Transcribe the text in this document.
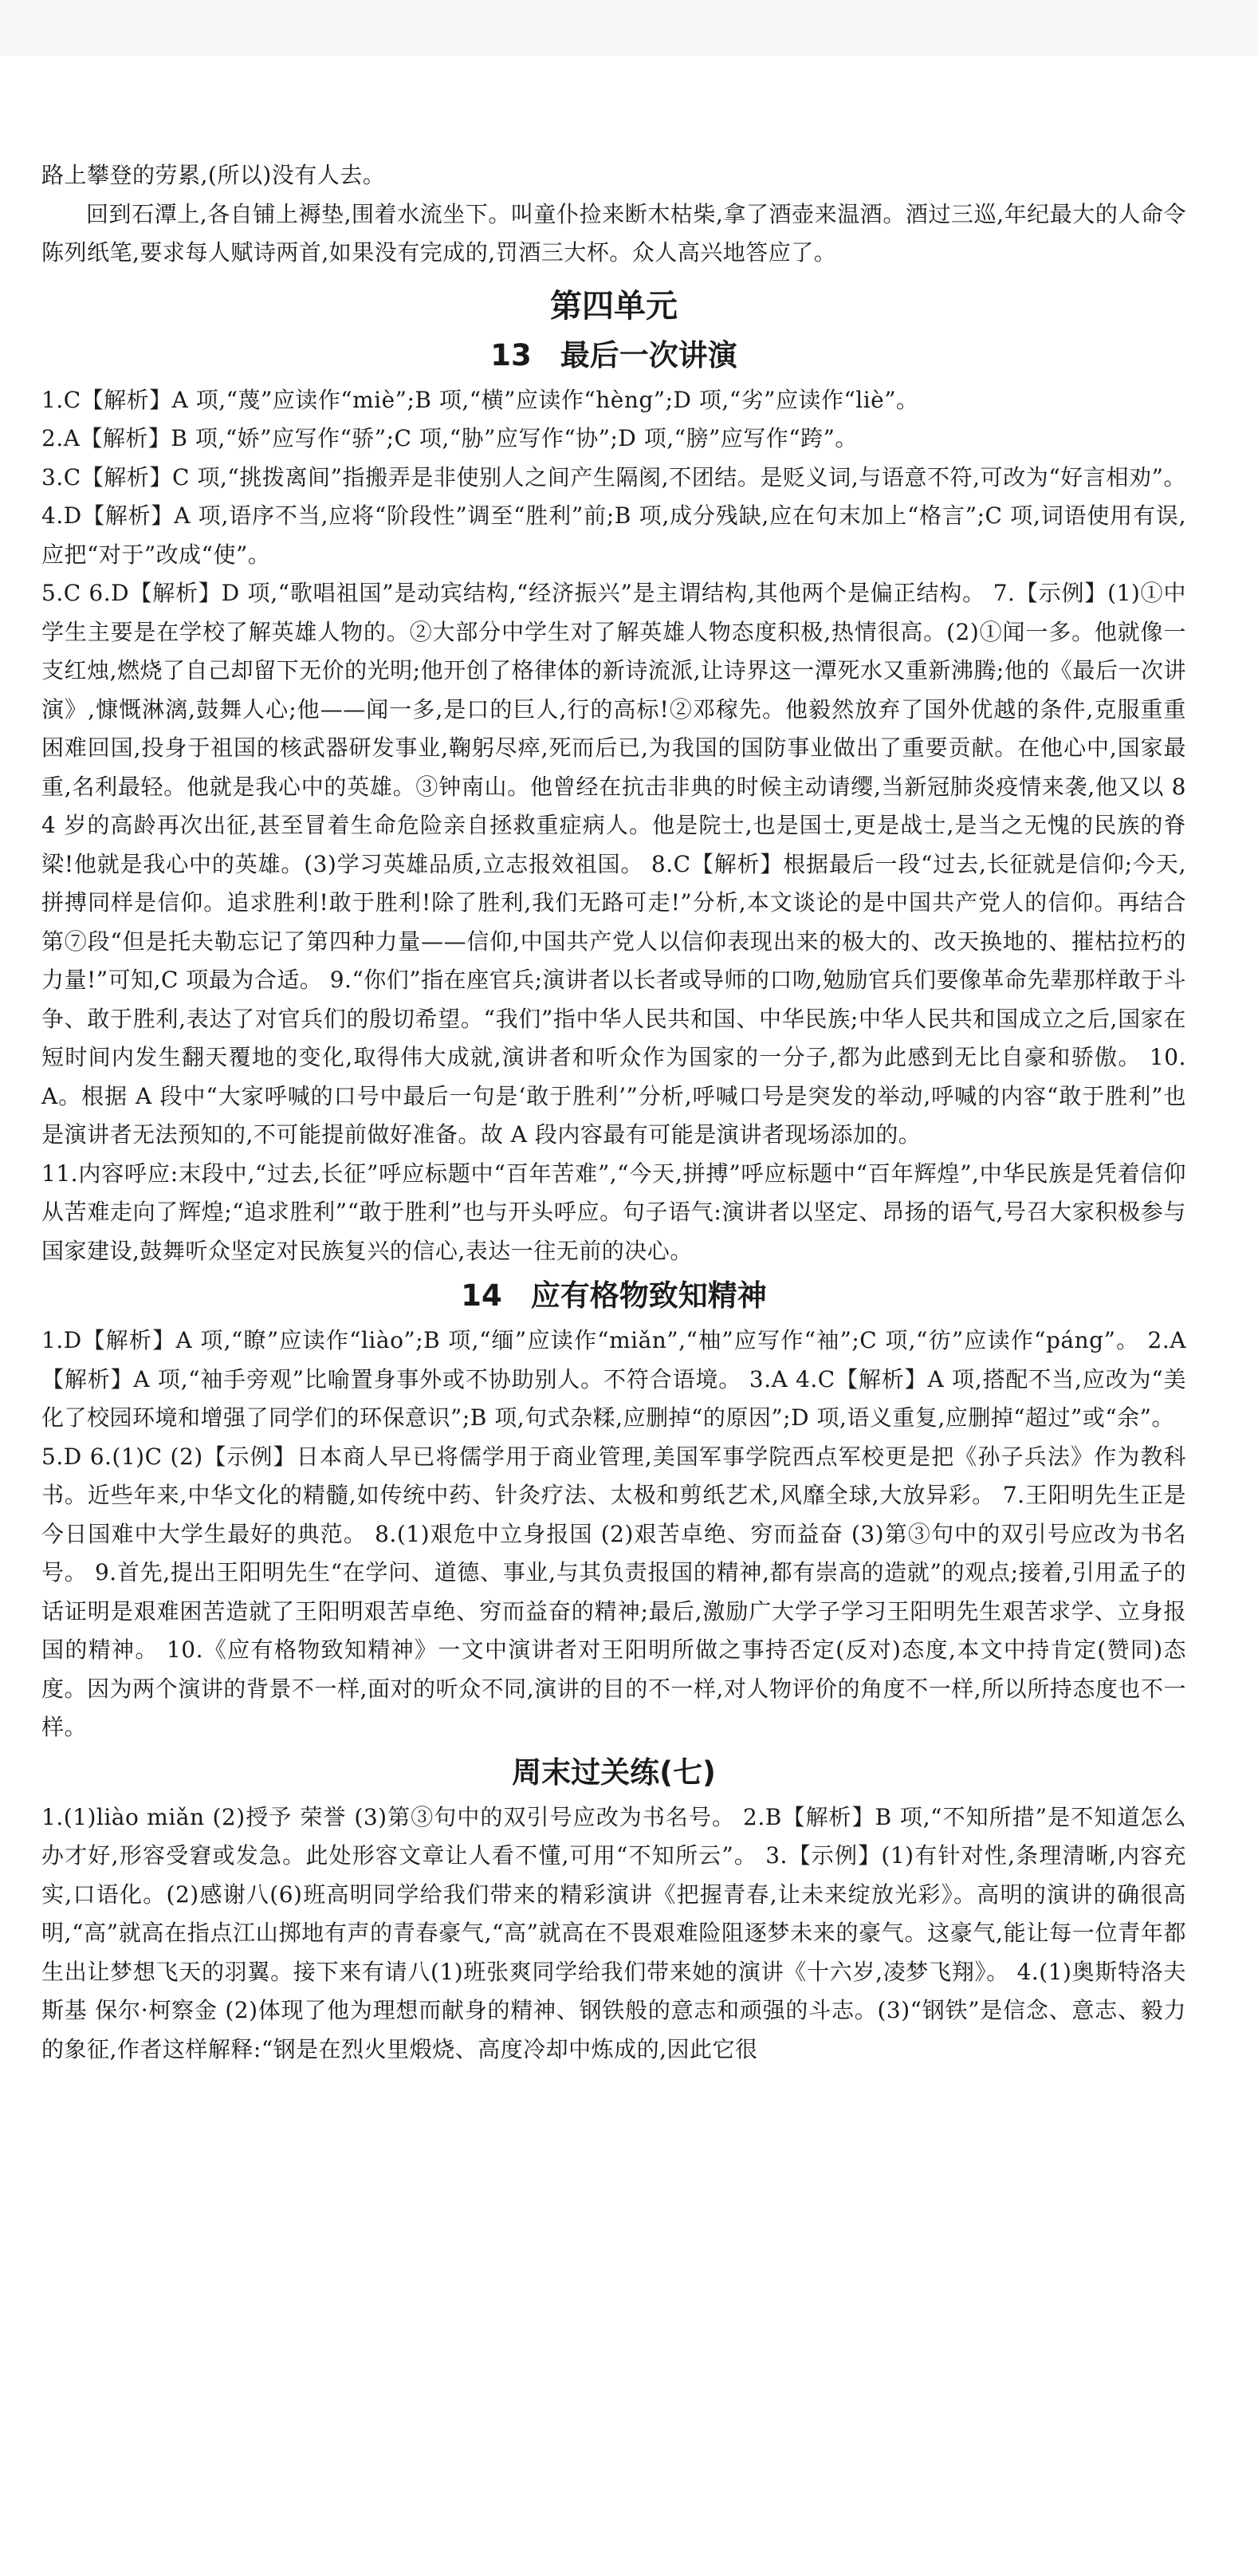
路上攀登的劳累,(所以)没有人去。

回到石潭上,各自铺上褥垫,围着水流坐下。叫童仆捡来断木枯柴,拿了酒壶来温酒。酒过三巡,年纪最大的人命令陈列纸笔,要求每人赋诗两首,如果没有完成的,罚酒三大杯。众人高兴地答应了。

第四单元
13 最后一次讲演

1.C【解析】A 项,“蔑”应读作“miè”;B 项,“横”应读作“hèng”;D 项,“劣”应读作“liè”。

2.A【解析】B 项,“娇”应写作“骄”;C 项,“胁”应写作“协”;D 项,“膀”应写作“跨”。

3.C【解析】C 项,“挑拨离间”指搬弄是非使别人之间产生隔阂,不团结。是贬义词,与语意不符,可改为“好言相劝”。 4.D【解析】A 项,语序不当,应将“阶段性”调至“胜利”前;B 项,成分残缺,应在句末加上“格言”;C 项,词语使用有误,应把“对于”改成“使”。

5.C 6.D【解析】D 项,“歌唱祖国”是动宾结构,“经济振兴”是主谓结构,其他两个是偏正结构。 7.【示例】(1)①中学生主要是在学校了解英雄人物的。②大部分中学生对了解英雄人物态度积极,热情很高。(2)①闻一多。他就像一支红烛,燃烧了自己却留下无价的光明;他开创了格律体的新诗流派,让诗界这一潭死水又重新沸腾;他的《最后一次讲演》,慷慨淋漓,鼓舞人心;他——闻一多,是口的巨人,行的高标!②邓稼先。他毅然放弃了国外优越的条件,克服重重困难回国,投身于祖国的核武器研发事业,鞠躬尽瘁,死而后已,为我国的国防事业做出了重要贡献。在他心中,国家最重,名利最轻。他就是我心中的英雄。③钟南山。他曾经在抗击非典的时候主动请缨,当新冠肺炎疫情来袭,他又以 84 岁的高龄再次出征,甚至冒着生命危险亲自拯救重症病人。他是院士,也是国士,更是战士,是当之无愧的民族的脊梁!他就是我心中的英雄。(3)学习英雄品质,立志报效祖国。 8.C【解析】根据最后一段“过去,长征就是信仰;今天,拼搏同样是信仰。追求胜利!敢于胜利!除了胜利,我们无路可走!”分析,本文谈论的是中国共产党人的信仰。再结合第⑦段“但是托夫勒忘记了第四种力量——信仰,中国共产党人以信仰表现出来的极大的、改天换地的、摧枯拉朽的力量!”可知,C 项最为合适。 9.“你们”指在座官兵;演讲者以长者或导师的口吻,勉励官兵们要像革命先辈那样敢于斗争、敢于胜利,表达了对官兵们的殷切希望。“我们”指中华人民共和国、中华民族;中华人民共和国成立之后,国家在短时间内发生翻天覆地的变化,取得伟大成就,演讲者和听众作为国家的一分子,都为此感到无比自豪和骄傲。 10.A。根据 A 段中“大家呼喊的口号中最后一句是‘敢于胜利’”分析,呼喊口号是突发的举动,呼喊的内容“敢于胜利”也是演讲者无法预知的,不可能提前做好准备。故 A 段内容最有可能是演讲者现场添加的。

11.内容呼应:末段中,“过去,长征”呼应标题中“百年苦难”,“今天,拼搏”呼应标题中“百年辉煌”,中华民族是凭着信仰从苦难走向了辉煌;“追求胜利”“敢于胜利”也与开头呼应。句子语气:演讲者以坚定、昂扬的语气,号召大家积极参与国家建设,鼓舞听众坚定对民族复兴的信心,表达一往无前的决心。

14 应有格物致知精神

1.D【解析】A 项,“瞭”应读作“liào”;B 项,“缅”应读作“miǎn”,“柚”应写作“袖”;C 项,“彷”应读作“páng”。 2.A【解析】A 项,“袖手旁观”比喻置身事外或不协助别人。不符合语境。 3.A 4.C【解析】A 项,搭配不当,应改为“美化了校园环境和增强了同学们的环保意识”;B 项,句式杂糅,应删掉“的原因”;D 项,语义重复,应删掉“超过”或“余”。

5.D 6.(1)C (2)【示例】日本商人早已将儒学用于商业管理,美国军事学院西点军校更是把《孙子兵法》作为教科书。近些年来,中华文化的精髓,如传统中药、针灸疗法、太极和剪纸艺术,风靡全球,大放异彩。 7.王阳明先生正是今日国难中大学生最好的典范。 8.(1)艰危中立身报国 (2)艰苦卓绝、穷而益奋 (3)第③句中的双引号应改为书名号。 9.首先,提出王阳明先生“在学问、道德、事业,与其负责报国的精神,都有崇高的造就”的观点;接着,引用孟子的话证明是艰难困苦造就了王阳明艰苦卓绝、穷而益奋的精神;最后,激励广大学子学习王阳明先生艰苦求学、立身报国的精神。 10.《应有格物致知精神》一文中演讲者对王阳明所做之事持否定(反对)态度,本文中持肯定(赞同)态度。因为两个演讲的背景不一样,面对的听众不同,演讲的目的不一样,对人物评价的角度不一样,所以所持态度也不一样。

周末过关练(七)

1.(1)liào miǎn (2)授予 荣誉 (3)第③句中的双引号应改为书名号。 2.B【解析】B 项,“不知所措”是不知道怎么办才好,形容受窘或发急。此处形容文章让人看不懂,可用“不知所云”。 3.【示例】(1)有针对性,条理清晰,内容充实,口语化。(2)感谢八(6)班高明同学给我们带来的精彩演讲《把握青春,让未来绽放光彩》。高明的演讲的确很高明,“高”就高在指点江山掷地有声的青春豪气,“高”就高在不畏艰难险阻逐梦未来的豪气。这豪气,能让每一位青年都生出让梦想飞天的羽翼。接下来有请八(1)班张爽同学给我们带来她的演讲《十六岁,凌梦飞翔》。 4.(1)奥斯特洛夫斯基 保尔·柯察金 (2)体现了他为理想而献身的精神、钢铁般的意志和顽强的斗志。(3)“钢铁”是信念、意志、毅力的象征,作者这样解释:“钢是在烈火里煅烧、高度冷却中炼成的,因此它很
